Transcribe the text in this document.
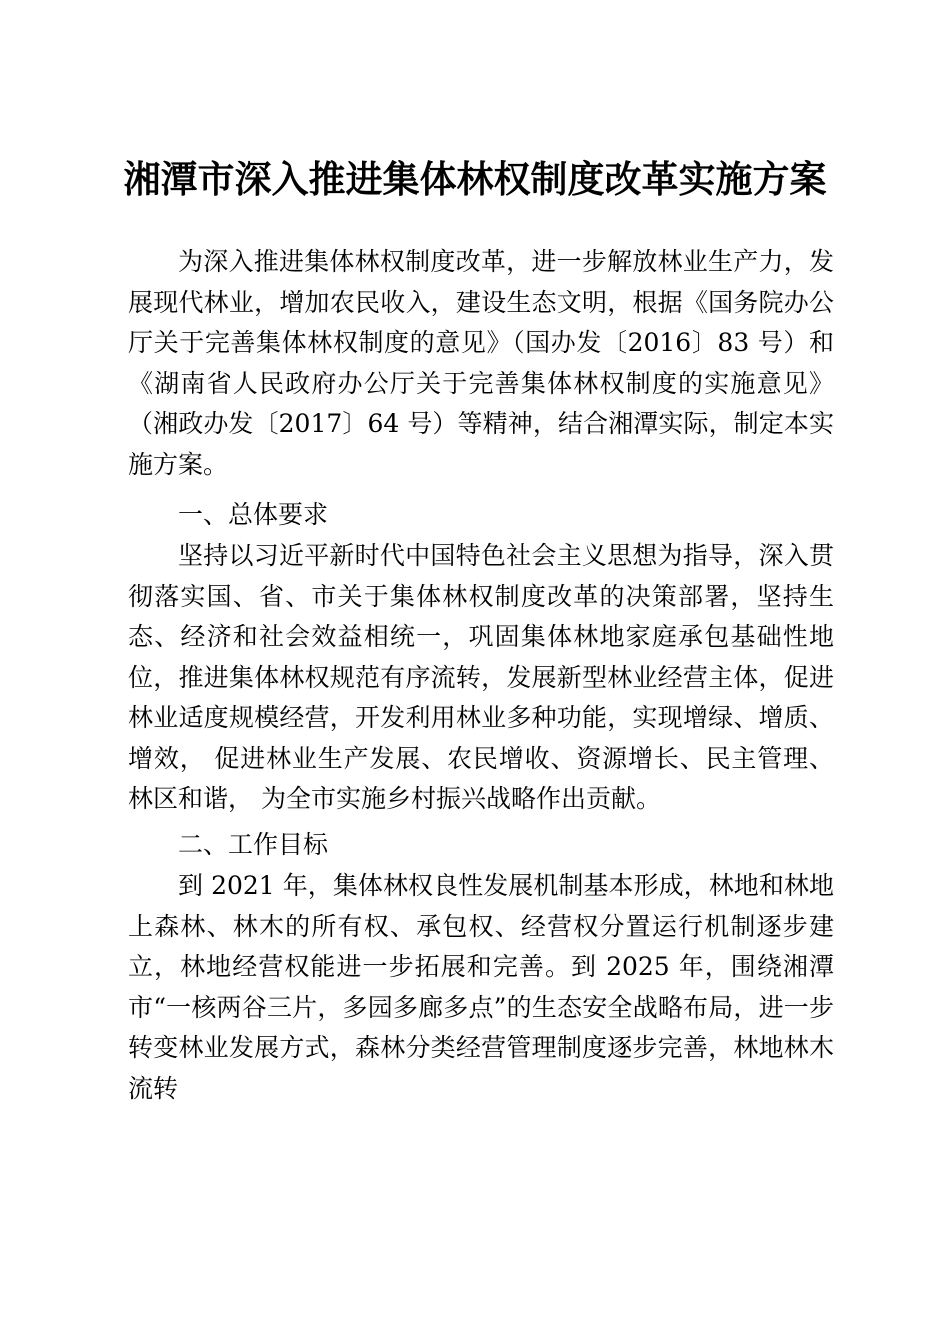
湘潭市深入推进集体林权制度改革实施方案

为深入推进集体林权制度改革，进一步解放林业生产力，发展现代林业，增加农民收入，建设生态文明，根据《国务院办公厅关于完善集体林权制度的意见》（国办发〔2016〕83 号）和《湖南省人民政府办公厅关于完善集体林权制度的实施意见》（湘政办发〔2017〕64 号）等精神，结合湘潭实际，制定本实施方案。

一、总体要求

坚持以习近平新时代中国特色社会主义思想为指导，深入贯彻落实国、省、市关于集体林权制度改革的决策部署，坚持生态、经济和社会效益相统一，巩固集体林地家庭承包基础性地位，推进集体林权规范有序流转，发展新型林业经营主体，促进林业适度规模经营，开发利用林业多种功能，实现增绿、增质、增效， 促进林业生产发展、农民增收、资源增长、民主管理、林区和谐， 为全市实施乡村振兴战略作出贡献。

二、工作目标

到 2021 年，集体林权良性发展机制基本形成，林地和林地上森林、林木的所有权、承包权、经营权分置运行机制逐步建立，林地经营权能进一步拓展和完善。到 2025 年，围绕湘潭市“一核两谷三片，多园多廊多点”的生态安全战略布局，进一步转变林业发展方式，森林分类经营管理制度逐步完善，林地林木流转
